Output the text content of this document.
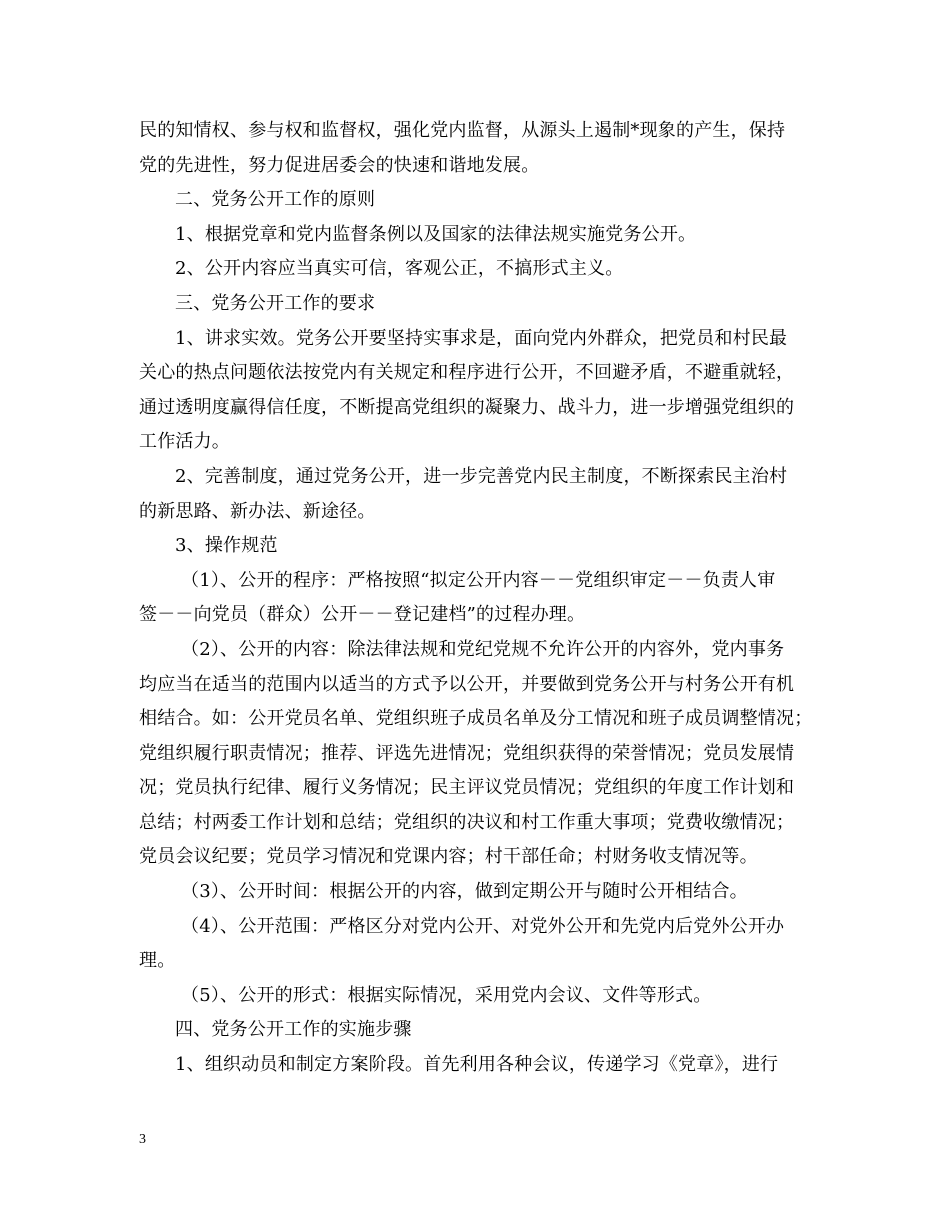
民的知情权、参与权和监督权，强化党内监督，从源头上遏制*现象的产生，保持
党的先进性，努力促进居委会的快速和谐地发展。
二、党务公开工作的原则
1、根据党章和党内监督条例以及国家的法律法规实施党务公开。
2、公开内容应当真实可信，客观公正，不搞形式主义。
三、党务公开工作的要求
1、讲求实效。党务公开要坚持实事求是，面向党内外群众，把党员和村民最
关心的热点问题依法按党内有关规定和程序进行公开，不回避矛盾，不避重就轻，
通过透明度赢得信任度，不断提高党组织的凝聚力、战斗力，进一步增强党组织的
工作活力。
2、完善制度，通过党务公开，进一步完善党内民主制度，不断探索民主治村
的新思路、新办法、新途径。
3、操作规范
（1）、公开的程序：严格按照“拟定公开内容－－党组织审定－－负责人审
签－－向党员（群众）公开－－登记建档”的过程办理。
（2）、公开的内容：除法律法规和党纪党规不允许公开的内容外，党内事务
均应当在适当的范围内以适当的方式予以公开，并要做到党务公开与村务公开有机
相结合。如：公开党员名单、党组织班子成员名单及分工情况和班子成员调整情况；
党组织履行职责情况；推荐、评选先进情况；党组织获得的荣誉情况；党员发展情
况；党员执行纪律、履行义务情况；民主评议党员情况；党组织的年度工作计划和
总结；村两委工作计划和总结；党组织的决议和村工作重大事项；党费收缴情况；
党员会议纪要；党员学习情况和党课内容；村干部任命；村财务收支情况等。
（3）、公开时间：根据公开的内容，做到定期公开与随时公开相结合。
（4）、公开范围：严格区分对党内公开、对党外公开和先党内后党外公开办
理。
（5）、公开的形式：根据实际情况，采用党内会议、文件等形式。
四、党务公开工作的实施步骤
1、组织动员和制定方案阶段。首先利用各种会议，传递学习《党章》，进行
3
